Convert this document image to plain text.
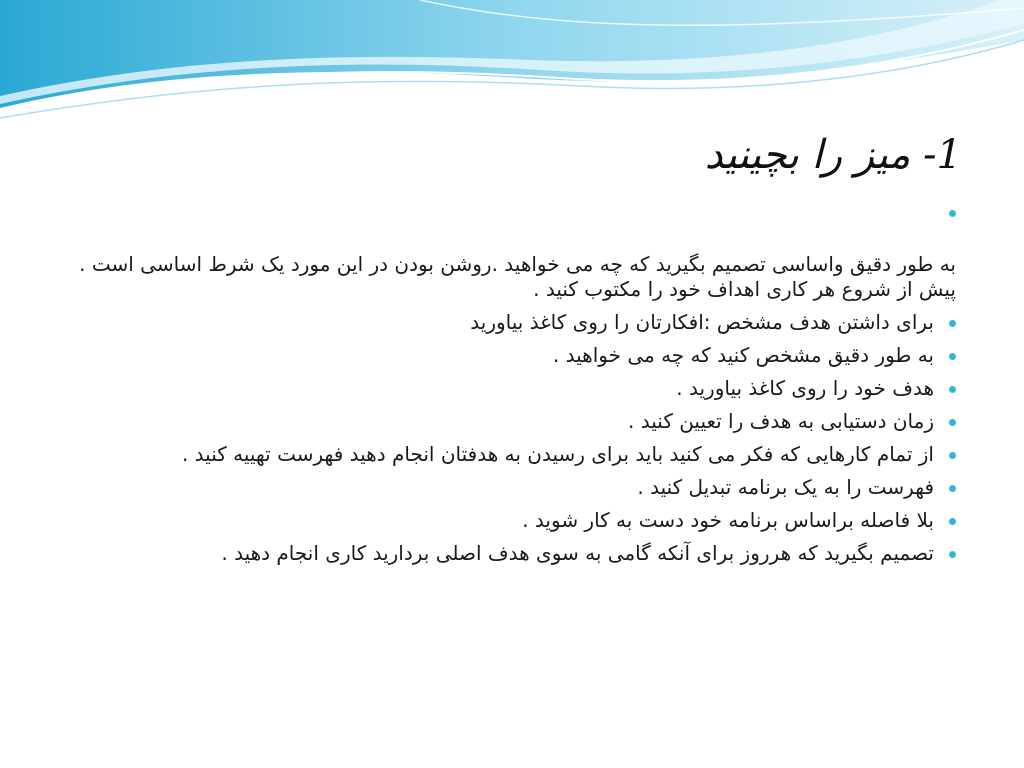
1- میز را بچینید

به طور دقیق واساسی تصمیم بگیرید که چه می خواهید .روشن بودن در این مورد یک شرط اساسی است . پیش از شروع هر کاری اهداف خود را مکتوب کنید .

برای داشتن هدف مشخص :افکارتان را روی کاغذ بیاورید
به طور دقیق مشخص کنید که چه می خواهید .
هدف خود را روی کاغذ بیاورید .
زمان دستیابی به هدف را تعیین کنید .
از تمام کارهایی که فکر می کنید باید برای رسیدن به هدفتان انجام دهید فهرست تهییه کنید .
فهرست را به یک برنامه تبدیل کنید .
بلا فاصله براساس برنامه خود دست به کار شوید .
تصمیم بگیرید که هرروز برای آنکه گامی به سوی هدف اصلی بردارید کاری انجام دهید .
